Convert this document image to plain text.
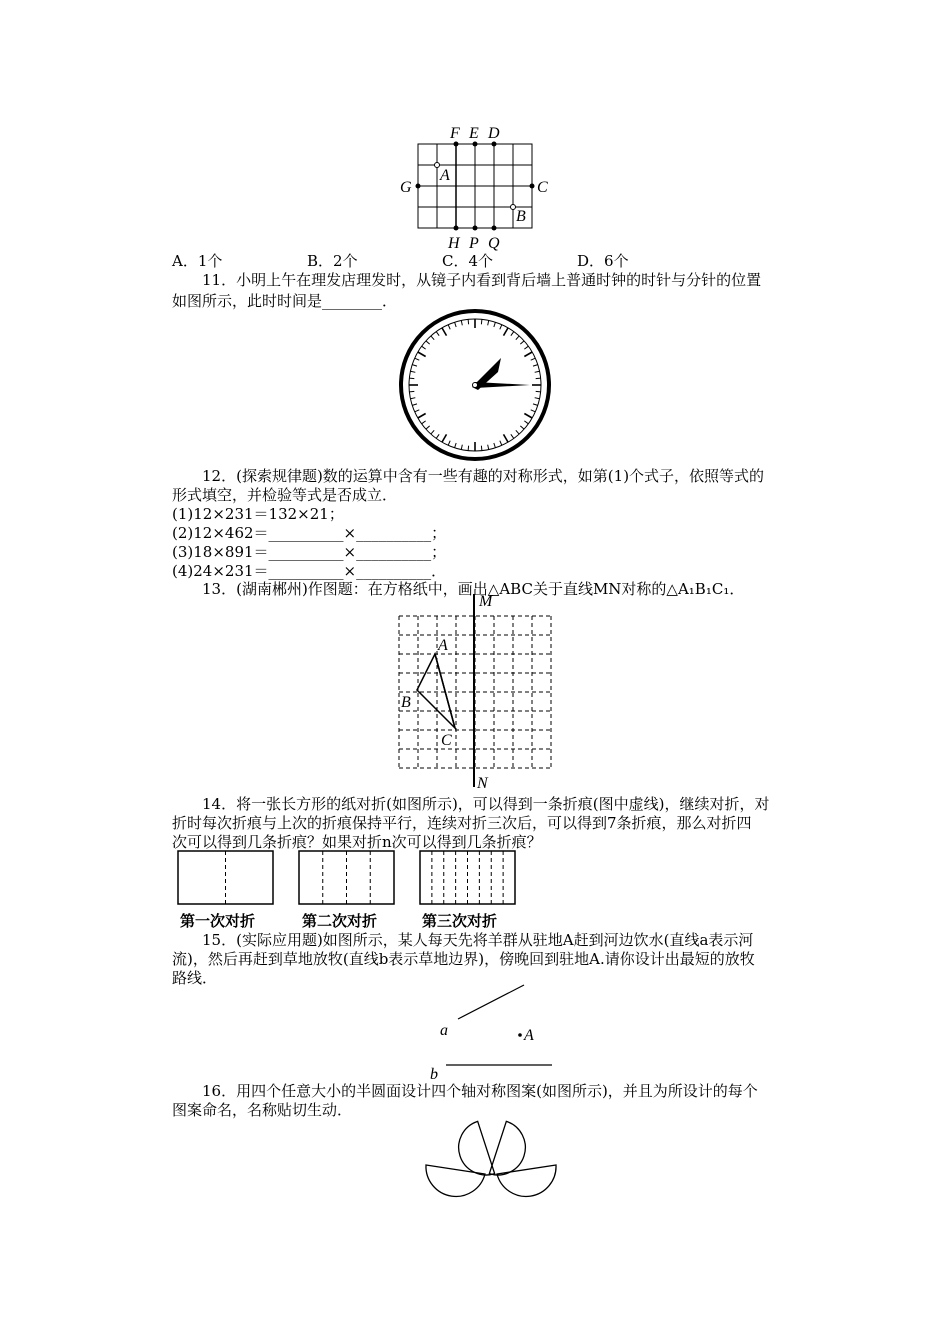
F E D
A
G	C
B
H P Q
A．1个	B．2个	C．4个	D．6个
11．小明上午在理发店理发时，从镜子内看到背后墙上普通时钟的时针与分针的位置
如图所示，此时时间是________．
12．(探索规律题)数的运算中含有一些有趣的对称形式，如第(1)个式子，依照等式的
形式填空，并检验等式是否成立．
(1)12×231＝132×21；
(2)12×462＝__________×__________；
(3)18×891＝__________×__________；
(4)24×231＝__________×__________．
13．(湖南郴州)作图题：在方格纸中，画出△ABC关于直线MN对称的△A₁B₁C₁．
M
N
A
B
C
14．将一张长方形的纸对折(如图所示)，可以得到一条折痕(图中虚线)，继续对折，对
折时每次折痕与上次的折痕保持平行，连续对折三次后，可以得到7条折痕，那么对折四
次可以得到几条折痕？如果对折n次可以得到几条折痕？
第一次对折	第二次对折	第三次对折
15．(实际应用题)如图所示，某人每天先将羊群从驻地A赶到河边饮水(直线a表示河
流)，然后再赶到草地放牧(直线b表示草地边界)，傍晚回到驻地A.请你设计出最短的放牧
路线．
a	A
b
16．用四个任意大小的半圆面设计四个轴对称图案(如图所示)，并且为所设计的每个
图案命名，名称贴切生动．
